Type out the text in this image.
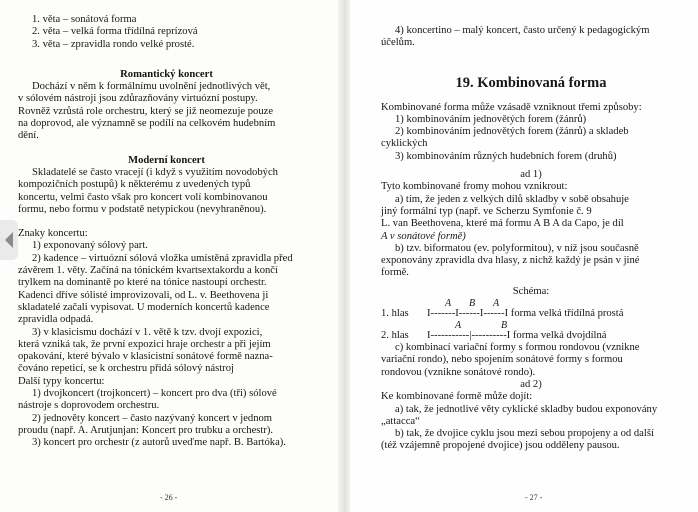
1. věta – sonátová forma
2. věta – velká forma třídílná reprízová
3. věta – zpravidla rondo velké prosté.
Romantický koncert
Dochází v něm k formálnímu uvolnění jednotlivých vět,
v sólovém nástroji jsou zdůrazňovány virtuózní postupy.
Rovněž vzrůstá role orchestru, který se již neomezuje pouze
na doprovod, ale významně se podílí na celkovém hudebním
dění.
Moderní koncert
Skladatelé se často vracejí (i když s využitím novodobých
kompozičních postupů) k některému z uvedených typů
koncertu, velmi často však pro koncert volí kombinovanou
formu, nebo formu v podstatě netypickou (nevyhraněnou).
Znaky koncertu:
1) exponovaný sólový part.
2) kadence – virtuózní sólová vložka umístěná zpravidla před
závěrem 1. věty. Začíná na tónickém kvartsextakordu a končí
trylkem na dominantě po které na tónice nastoupí orchestr.
Kadenci dříve sólisté improvizovali, od L. v. Beethovena ji
skladatelé začali vypisovat. U moderních koncertů kadence
zpravidla odpadá.
3) v klasicismu dochází v 1. větě k tzv. dvojí expozici,
která vzniká tak, že první expozici hraje orchestr a při jejím
opakování, které bývalo v klasicistní sonátové formě nazna-
čováno repeticí, se k orchestru přidá sólový nástroj
Další typy koncertu:
1) dvojkoncert (trojkoncert) – koncert pro dva (tři) sólové
nástroje s doprovodem orchestru.
2) jednověty koncert – často nazývaný koncert v jednom
proudu (např. A. Arutjunjan: Koncert pro trubku a orchestr).
3) koncert pro orchestr (z autorů uveďme např. B. Bartóka).
- 26 -
4) koncertino – malý koncert, často určený k pedagogickým
účelům.
19. Kombinovaná forma
Kombinované forma může vzásadě vzniknout třemi způsoby:
1) kombinováním jednovětých forem (žánrů)
2) kombinováním jednovětých forem (žánrů) a skladeb
cyklických
3) kombinováním různých hudebních forem (druhů)
ad 1)
Tyto kombinované fromy mohou vznikrout:
a) tím, že jeden z velkých dílů skladby v sobě obsahuje
jiný formální typ (např. ve Scherzu Symfonie č. 9
L. van Beethovena, které má formu A B A da Capo, je díl
A v sonátové formě)
b) tzv. biformatou (ev. polyformitou), v níž jsou současně
exponovány zpravidla dva hlasy, z nichž každý je psán v jiné
formě.
Schéma:
1. hlas
A B A
I-------I------I------I forma velká třídílná prostá
2. hlas
A	B
I-----------|----------I forma velká dvojdílná
c) kombinací variační formy s formou rondovou (vznikne
variační rondo), nebo spojením sonátové formy s formou
rondovou (vznikne sonátové rondo).
ad 2)
Ke kombinované formě může dojít:
a) tak, že jednotlivé věty cyklické skladby budou exponovány
„attacca“
b) tak, že dvojice cyklu jsou mezi sebou propojeny a od další
(též vzájemně propojené dvojice) jsou odděleny pausou.
- 27 -
